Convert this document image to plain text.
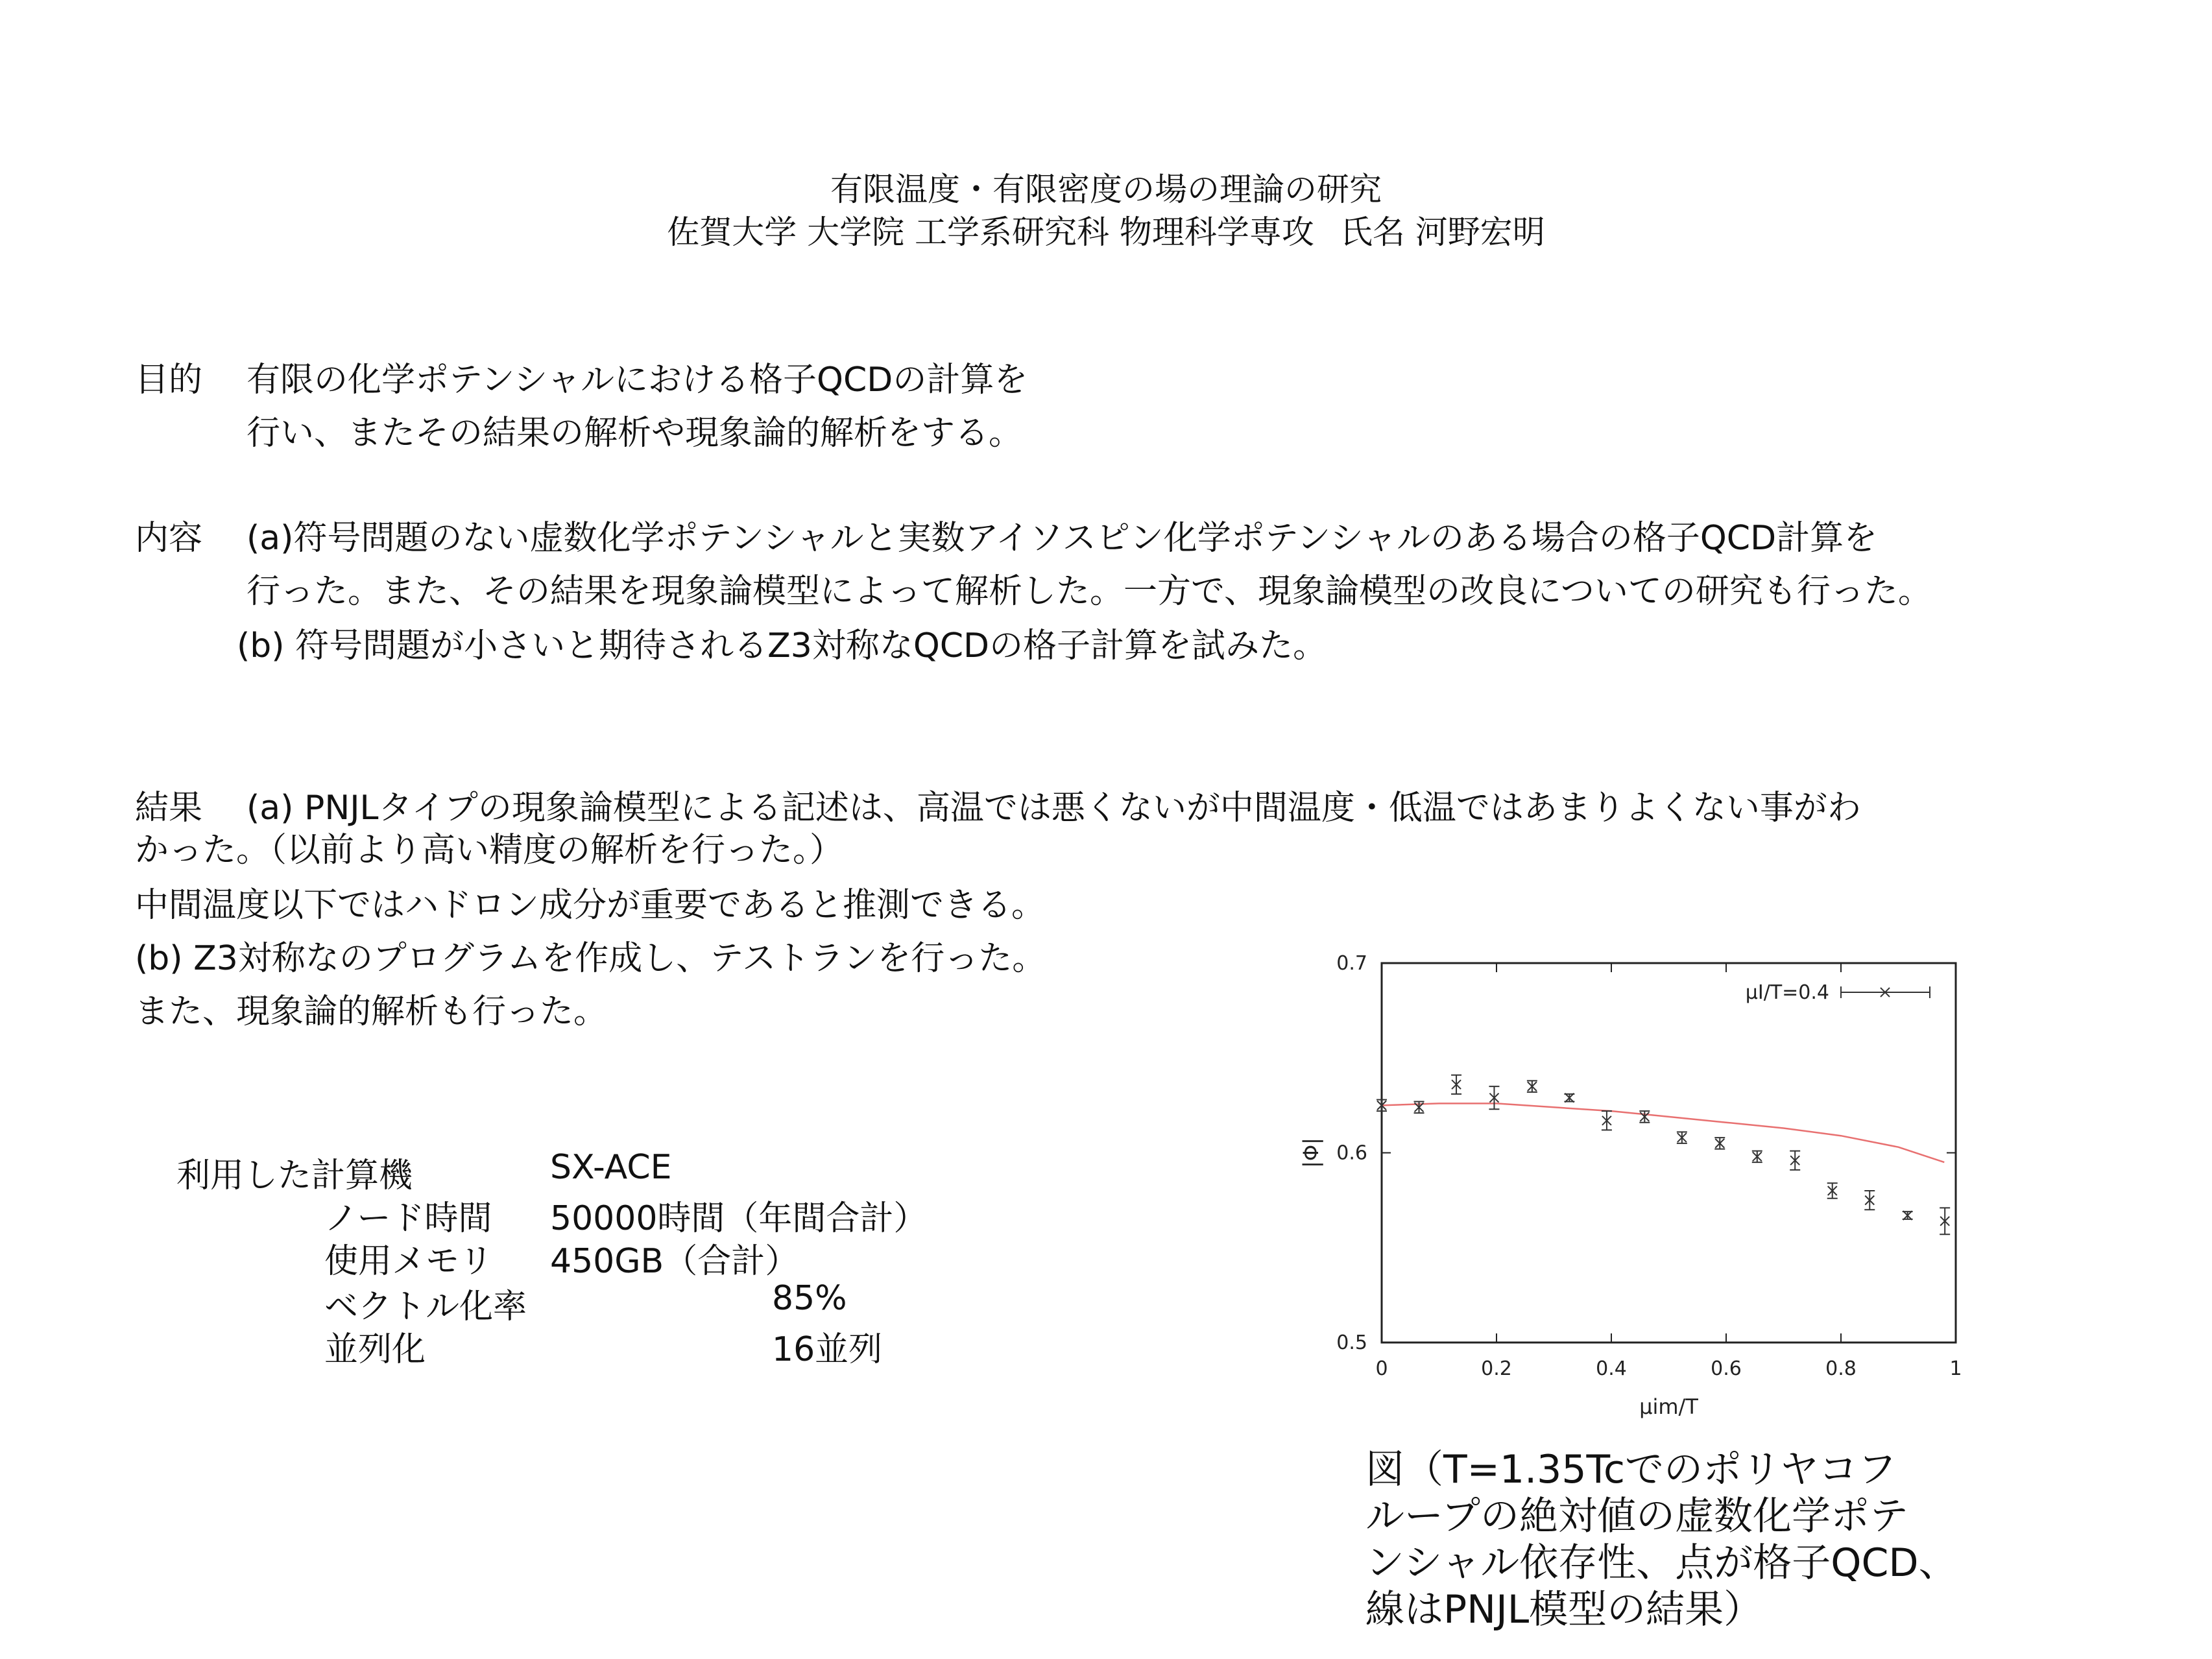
有限温度・有限密度の場の理論の研究
佐賀大学 大学院 工学系研究科 物理科学専攻 氏名 河野宏明
目的 有限の化学ポテンシャルにおける格子QCDの計算を
行い、またその結果の解析や現象論的解析をする。
内容 (a)符号問題のない虚数化学ポテンシャルと実数アイソスピン化学ポテンシャルのある場合の格子QCD計算を
行った。また、その結果を現象論模型によって解析した。一方で、現象論模型の改良についての研究も行った。
(b) 符号問題が小さいと期待されるZ3対称なQCDの格子計算を試みた。
結果 (a) PNJLタイプの現象論模型による記述は、高温では悪くないが中間温度・低温ではあまりよくない事がわ
かった。（以前より高い精度の解析を行った。）
中間温度以下ではハドロン成分が重要であると推測できる。
(b) Z3対称なのプログラムを作成し、テストランを行った。
また、現象論的解析も行った。
利用した計算機	SX-ACE
ノード時間 50000時間（年間合計）
使用メモリ 450GB（合計）
ベクトル化率	85%
並列化	16並列	0	0.2	0.4	0.6	0.8	1
0.5
0.6
0.7
μim/T
|Φ|
μI/T=0.4
図（T=1.35Tcでのポリヤコフ
ループの絶対値の虚数化学ポテ
ンシャル依存性、点が格子QCD、
線はPNJL模型の結果）
